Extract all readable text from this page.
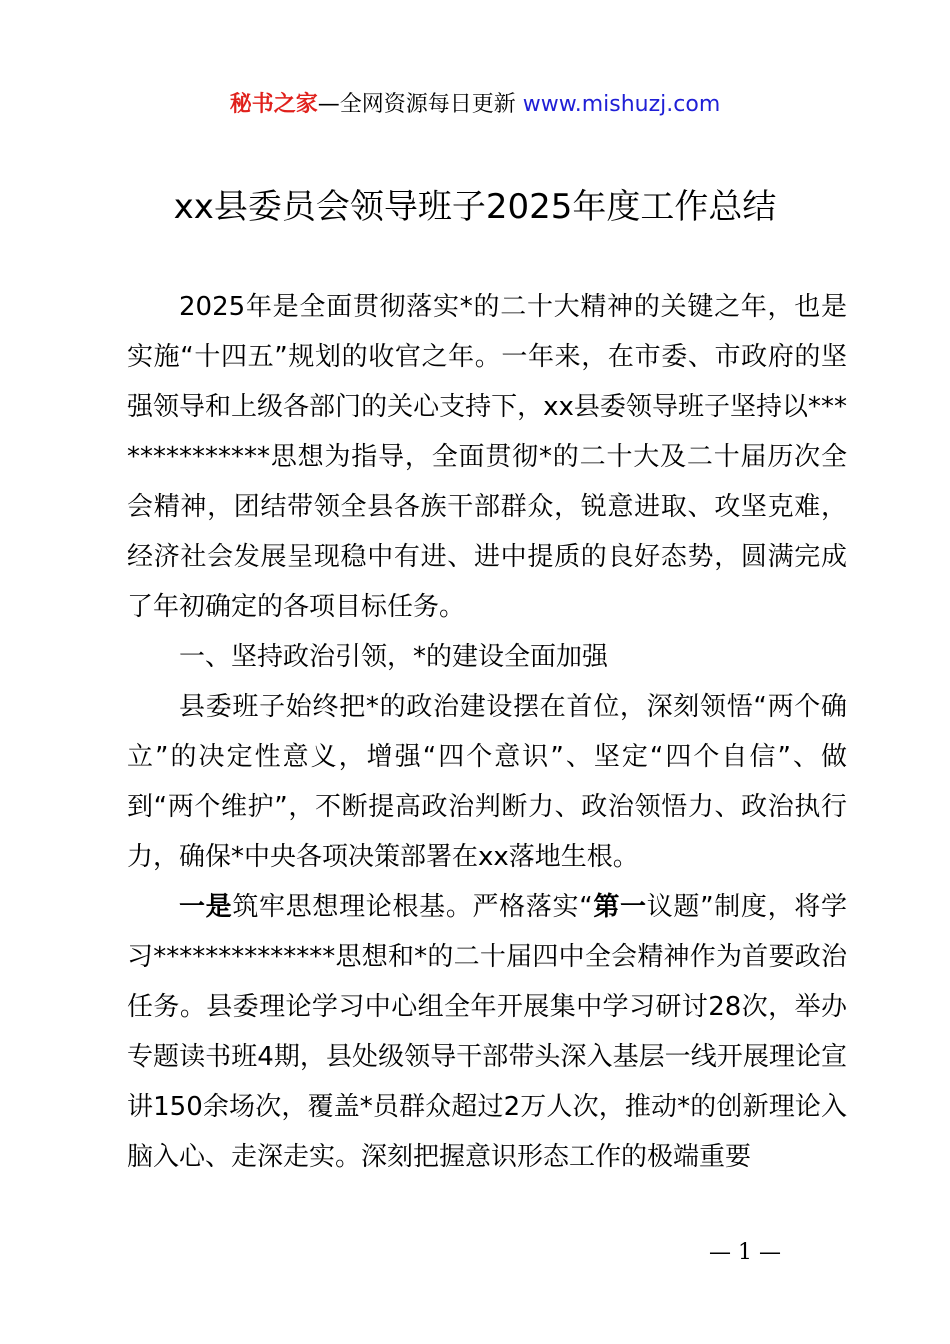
秘书之家—全网资源每日更新 www.mishuzj.com
xx县委员会领导班子2025年度工作总结

2025年是全面贯彻落实*的二十大精神的关键之年，也是实施“十四五”规划的收官之年。一年来，在市委、市政府的坚强领导和上级各部门的关心支持下，xx县委领导班子坚持以**************思想为指导，全面贯彻*的二十大及二十届历次全会精神，团结带领全县各族干部群众，锐意进取、攻坚克难，经济社会发展呈现稳中有进、进中提质的良好态势，圆满完成了年初确定的各项目标任务。

一、坚持政治引领，*的建设全面加强

县委班子始终把*的政治建设摆在首位，深刻领悟“两个确立”的决定性意义，增强“四个意识”、坚定“四个自信”、做到“两个维护”，不断提高政治判断力、政治领悟力、政治执行力，确保*中央各项决策部署在xx落地生根。

一是筑牢思想理论根基。严格落实“第一议题”制度，将学习**************思想和*的二十届四中全会精神作为首要政治任务。县委理论学习中心组全年开展集中学习研讨28次，举办专题读书班4期，县处级领导干部带头深入基层一线开展理论宣讲150余场次，覆盖*员群众超过2万人次，推动*的创新理论入脑入心、走深走实。深刻把握意识形态工作的极端重要

— 1 —
